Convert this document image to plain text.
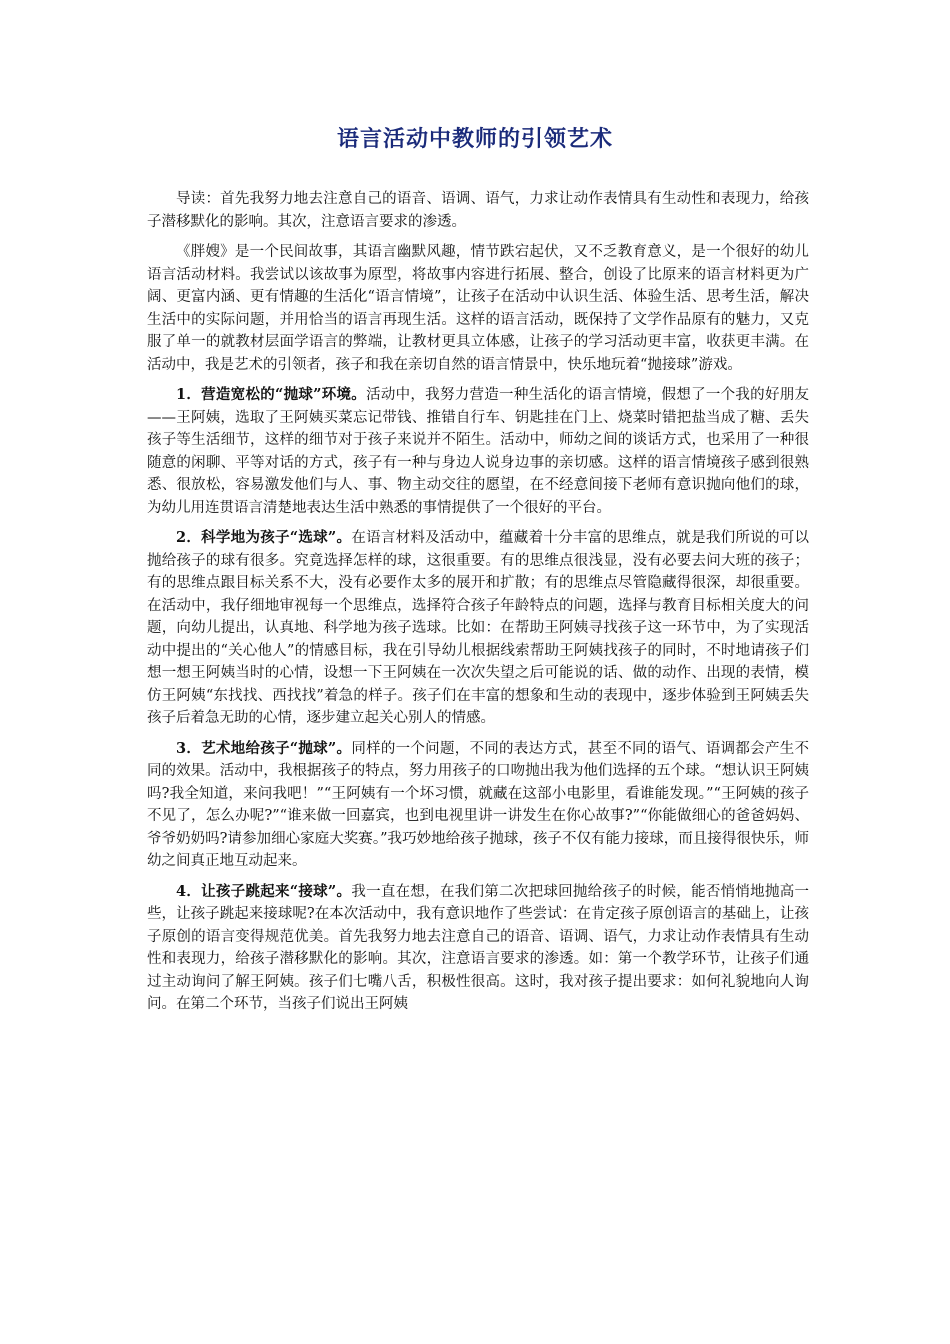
语言活动中教师的引领艺术

导读：首先我努力地去注意自己的语音、语调、语气，力求让动作表情具有生动性和表现力，给孩子潜移默化的影响。其次，注意语言要求的渗透。

《胖嫂》是一个民间故事，其语言幽默风趣，情节跌宕起伏，又不乏教育意义，是一个很好的幼儿语言活动材料。我尝试以该故事为原型，将故事内容进行拓展、整合，创设了比原来的语言材料更为广阔、更富内涵、更有情趣的生活化“语言情境”，让孩子在活动中认识生活、体验生活、思考生活，解决生活中的实际问题，并用恰当的语言再现生活。这样的语言活动，既保持了文学作品原有的魅力，又克服了单一的就教材层面学语言的弊端，让教材更具立体感，让孩子的学习活动更丰富，收获更丰满。在活动中，我是艺术的引领者，孩子和我在亲切自然的语言情景中，快乐地玩着“抛接球”游戏。

1．营造宽松的“抛球”环境。活动中，我努力营造一种生活化的语言情境，假想了一个我的好朋友——王阿姨，选取了王阿姨买菜忘记带钱、推错自行车、钥匙挂在门上、烧菜时错把盐当成了糖、丢失孩子等生活细节，这样的细节对于孩子来说并不陌生。活动中，师幼之间的谈话方式，也采用了一种很随意的闲聊、平等对话的方式，孩子有一种与身边人说身边事的亲切感。这样的语言情境孩子感到很熟悉、很放松，容易激发他们与人、事、物主动交往的愿望，在不经意间接下老师有意识抛向他们的球，为幼儿用连贯语言清楚地表达生活中熟悉的事情提供了一个很好的平台。

2．科学地为孩子“选球”。在语言材料及活动中，蕴藏着十分丰富的思维点，就是我们所说的可以抛给孩子的球有很多。究竟选择怎样的球，这很重要。有的思维点很浅显，没有必要去问大班的孩子；有的思维点跟目标关系不大，没有必要作太多的展开和扩散；有的思维点尽管隐藏得很深，却很重要。在活动中，我仔细地审视每一个思维点，选择符合孩子年龄特点的问题，选择与教育目标相关度大的问题，向幼儿提出，认真地、科学地为孩子选球。比如：在帮助王阿姨寻找孩子这一环节中，为了实现活动中提出的“关心他人”的情感目标，我在引导幼儿根据线索帮助王阿姨找孩子的同时，不时地请孩子们想一想王阿姨当时的心情，设想一下王阿姨在一次次失望之后可能说的话、做的动作、出现的表情，模仿王阿姨“东找找、西找找”着急的样子。孩子们在丰富的想象和生动的表现中，逐步体验到王阿姨丢失孩子后着急无助的心情，逐步建立起关心别人的情感。

3．艺术地给孩子“抛球”。同样的一个问题，不同的表达方式，甚至不同的语气、语调都会产生不同的效果。活动中，我根据孩子的特点，努力用孩子的口吻抛出我为他们选择的五个球。“想认识王阿姨吗?我全知道，来问我吧！”“王阿姨有一个坏习惯，就藏在这部小电影里，看谁能发现。”“王阿姨的孩子不见了，怎么办呢?”“谁来做一回嘉宾，也到电视里讲一讲发生在你心故事?”“你能做细心的爸爸妈妈、爷爷奶奶吗?请参加细心家庭大奖赛。”我巧妙地给孩子抛球，孩子不仅有能力接球，而且接得很快乐，师幼之间真正地互动起来。

4．让孩子跳起来“接球”。我一直在想，在我们第二次把球回抛给孩子的时候，能否悄悄地抛高一些，让孩子跳起来接球呢?在本次活动中，我有意识地作了些尝试：在肯定孩子原创语言的基础上，让孩子原创的语言变得规范优美。首先我努力地去注意自己的语音、语调、语气，力求让动作表情具有生动性和表现力，给孩子潜移默化的影响。其次，注意语言要求的渗透。如：第一个教学环节，让孩子们通过主动询问了解王阿姨。孩子们七嘴八舌，积极性很高。这时，我对孩子提出要求：如何礼貌地向人询问。在第二个环节，当孩子们说出王阿姨
